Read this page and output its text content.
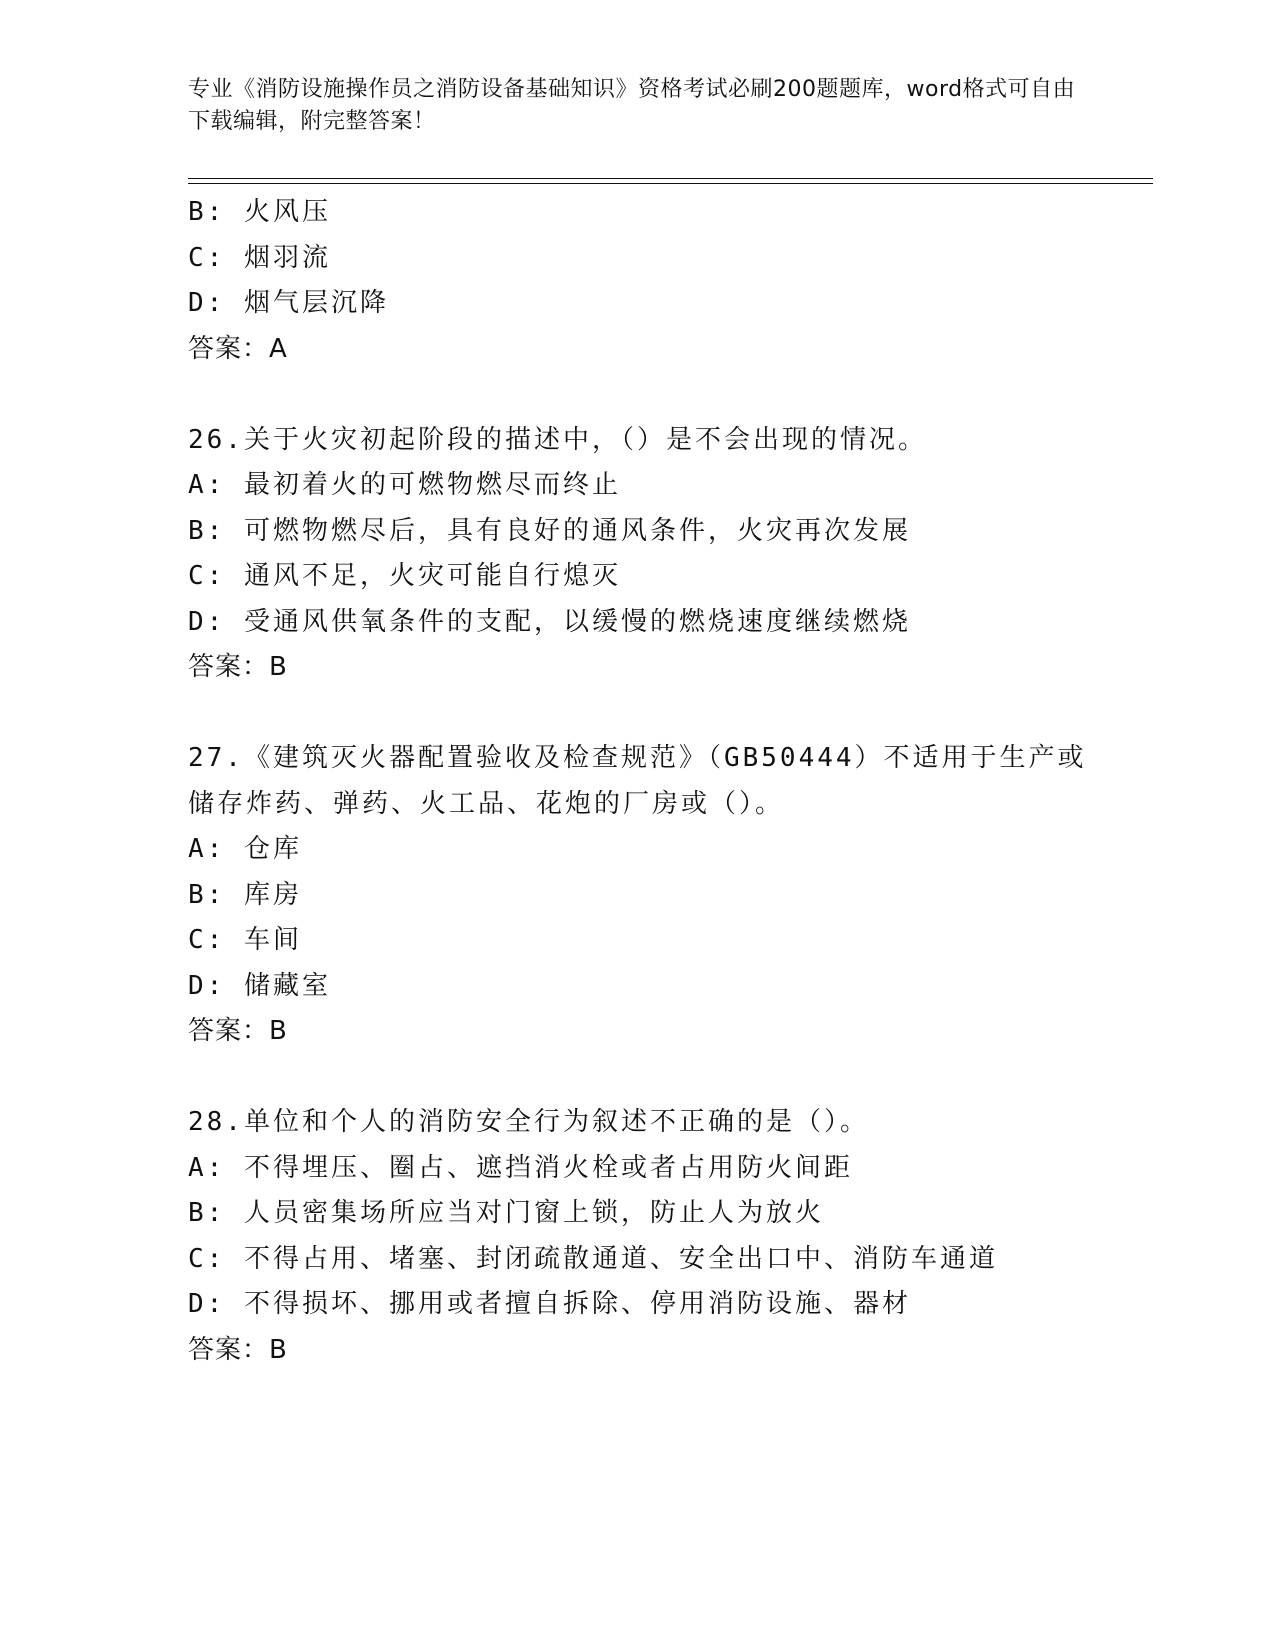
专业《消防设施操作员之消防设备基础知识》资格考试必刷200题题库，word格式可自由下载编辑，附完整答案！
B: 火风压
C: 烟羽流
D: 烟气层沉降
答案：A
26.关于火灾初起阶段的描述中，（）是不会出现的情况。
A: 最初着火的可燃物燃尽而终止
B: 可燃物燃尽后，具有良好的通风条件，火灾再次发展
C: 通风不足，火灾可能自行熄灭
D: 受通风供氧条件的支配，以缓慢的燃烧速度继续燃烧
答案：B
27.《建筑灭火器配置验收及检查规范》（GB50444）不适用于生产或
储存炸药、弹药、火工品、花炮的厂房或（）。
A: 仓库
B: 库房
C: 车间
D: 储藏室
答案：B
28.单位和个人的消防安全行为叙述不正确的是（）。
A: 不得埋压、圈占、遮挡消火栓或者占用防火间距
B: 人员密集场所应当对门窗上锁，防止人为放火
C: 不得占用、堵塞、封闭疏散通道、安全出口中、消防车通道
D: 不得损坏、挪用或者擅自拆除、停用消防设施、器材
答案：B
